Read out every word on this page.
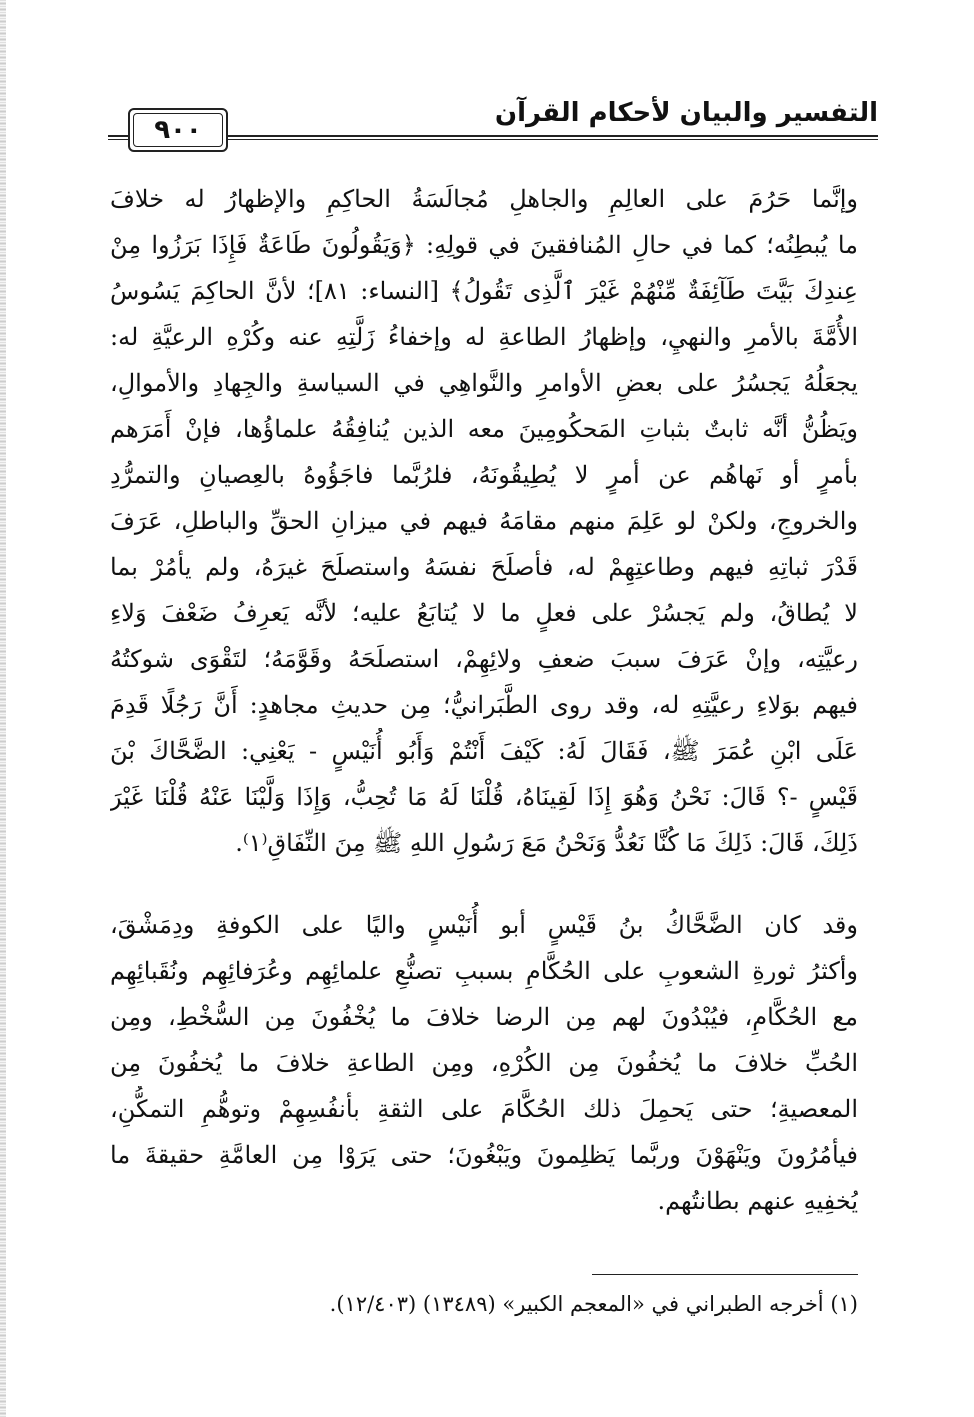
التفسير والبيان لأحكام القرآن
٩٠٠
وإنَّما حَرُمَ على العالِمِ والجاهلِ مُجالَسَةُ الحاكِمِ والإظهارُ له خلافَ
ما يُبطِنُه؛ كما في حالِ المُنافقينَ في قولِهِ: ﴿وَيَقُولُونَ طَاعَةٌ فَإِذَا بَرَزُوا مِنْ
عِندِكَ بَيَّتَ طَآئِفَةٌ مِّنْهُمْ غَيْرَ ٱلَّذِى تَقُولُ﴾ [النساء: ٨١]؛ لأنَّ الحاكِمَ يَسُوسُ
الأُمَّةَ بالأمرِ والنهيِ، وإظهارُ الطاعةِ له وإخفاءُ زَلَّتِهِ عنه وكُرْهِ الرعيَّةِ له:
يجعَلُهُ يَجسُرُ على بعضِ الأوامرِ والنَّواهِي في السياسةِ والجِهادِ والأموالِ،
ويَظُنُّ أنَّه ثابتٌ بثباتِ المَحكُومِينَ معه الذين يُنافِقُهُ علماؤُها، فإنْ أَمَرَهم
بأمرٍ أو نَهاهُم عن أمرٍ لا يُطِيقُونَهُ، فلرُبَّما فاجَؤُوهُ بالعِصيانِ والتمرُّدِ
والخروجِ، ولكنْ لو عَلِمَ منهم مقامَهُ فيهم في ميزانِ الحقِّ والباطلِ، عَرَفَ
قَدْرَ ثباتِهِ فيهم وطاعتِهِمْ له، فأصلَحَ نفسَهُ واستصلَحَ غيرَهُ، ولم يأمُرْ بما
لا يُطاقُ، ولم يَجسُرْ على فعلٍ ما لا يُتابَعُ عليه؛ لأنَّه يَعرِفُ ضَعْفَ وَلاءِ
رعيَّتِه، وإنْ عَرَفَ سببَ ضعفِ ولائِهِمْ، استصلَحَهُ وقَوَّمَهُ؛ لتَقْوَى شوكتُهُ
فيهم بوَلاءِ رعيَّتِهِ له، وقد روى الطَّبَرانيُّ؛ مِن حديثِ مجاهدٍ: أَنَّ رَجُلًا قَدِمَ
عَلَى ابْنِ عُمَرَ ﷺ، فَقَالَ لَهُ: كَيْفَ أَنْتُمْ وَأَبُو أُنَيْسٍ - يَعْنِي: الضَّحَّاكَ بْنَ
قَيْسٍ -؟ قَالَ: نَحْنُ وَهُوَ إِذَا لَقِينَاهُ، قُلْنَا لَهُ مَا تُحِبُّ، وَإِذَا وَلَّيْنَا عَنْهُ قُلْنَا غَيْرَ
ذَلِكَ، قَالَ: ذَلِكَ مَا كُنَّا نَعُدُّ وَنَحْنُ مَعَ رَسُولِ اللهِ ﷺ مِنَ النِّفَاقِ⁽١⁾.
وقد كان الضَّحَّاكُ بنُ قَيْسٍ أبو أُنَيْسٍ واليًا على الكوفةِ ودِمَشْقَ،
وأكثرُ ثورةِ الشعوبِ على الحُكَّامِ بسببِ تصنُّعِ علمائِهِم وعُرَفائِهِم ونُقَبائِهِم
مع الحُكَّامِ، فيُبْدُونَ لهم مِن الرضا خلافَ ما يُخْفُونَ مِن السُّخْطِ، ومِن
الحُبِّ خلافَ ما يُخفُونَ مِن الكُرْهِ، ومِن الطاعةِ خلافَ ما يُخفُونَ مِن
المعصيةِ؛ حتى يَحمِلَ ذلك الحُكَّامَ على الثقةِ بأنفُسِهِمْ وتوهُّمِ التمكُّنِ،
فيأمُرُونَ ويَنْهَوْنَ وربَّما يَظلِمونَ ويَبْغُونَ؛ حتى يَرَوْا مِن العامَّةِ حقيقةَ ما
يُخفِيهِ عنهم بطانتُهم.
(١) أخرجه الطبراني في «المعجم الكبير» (١٣٤٨٩) (١٢/٤٠٣).
